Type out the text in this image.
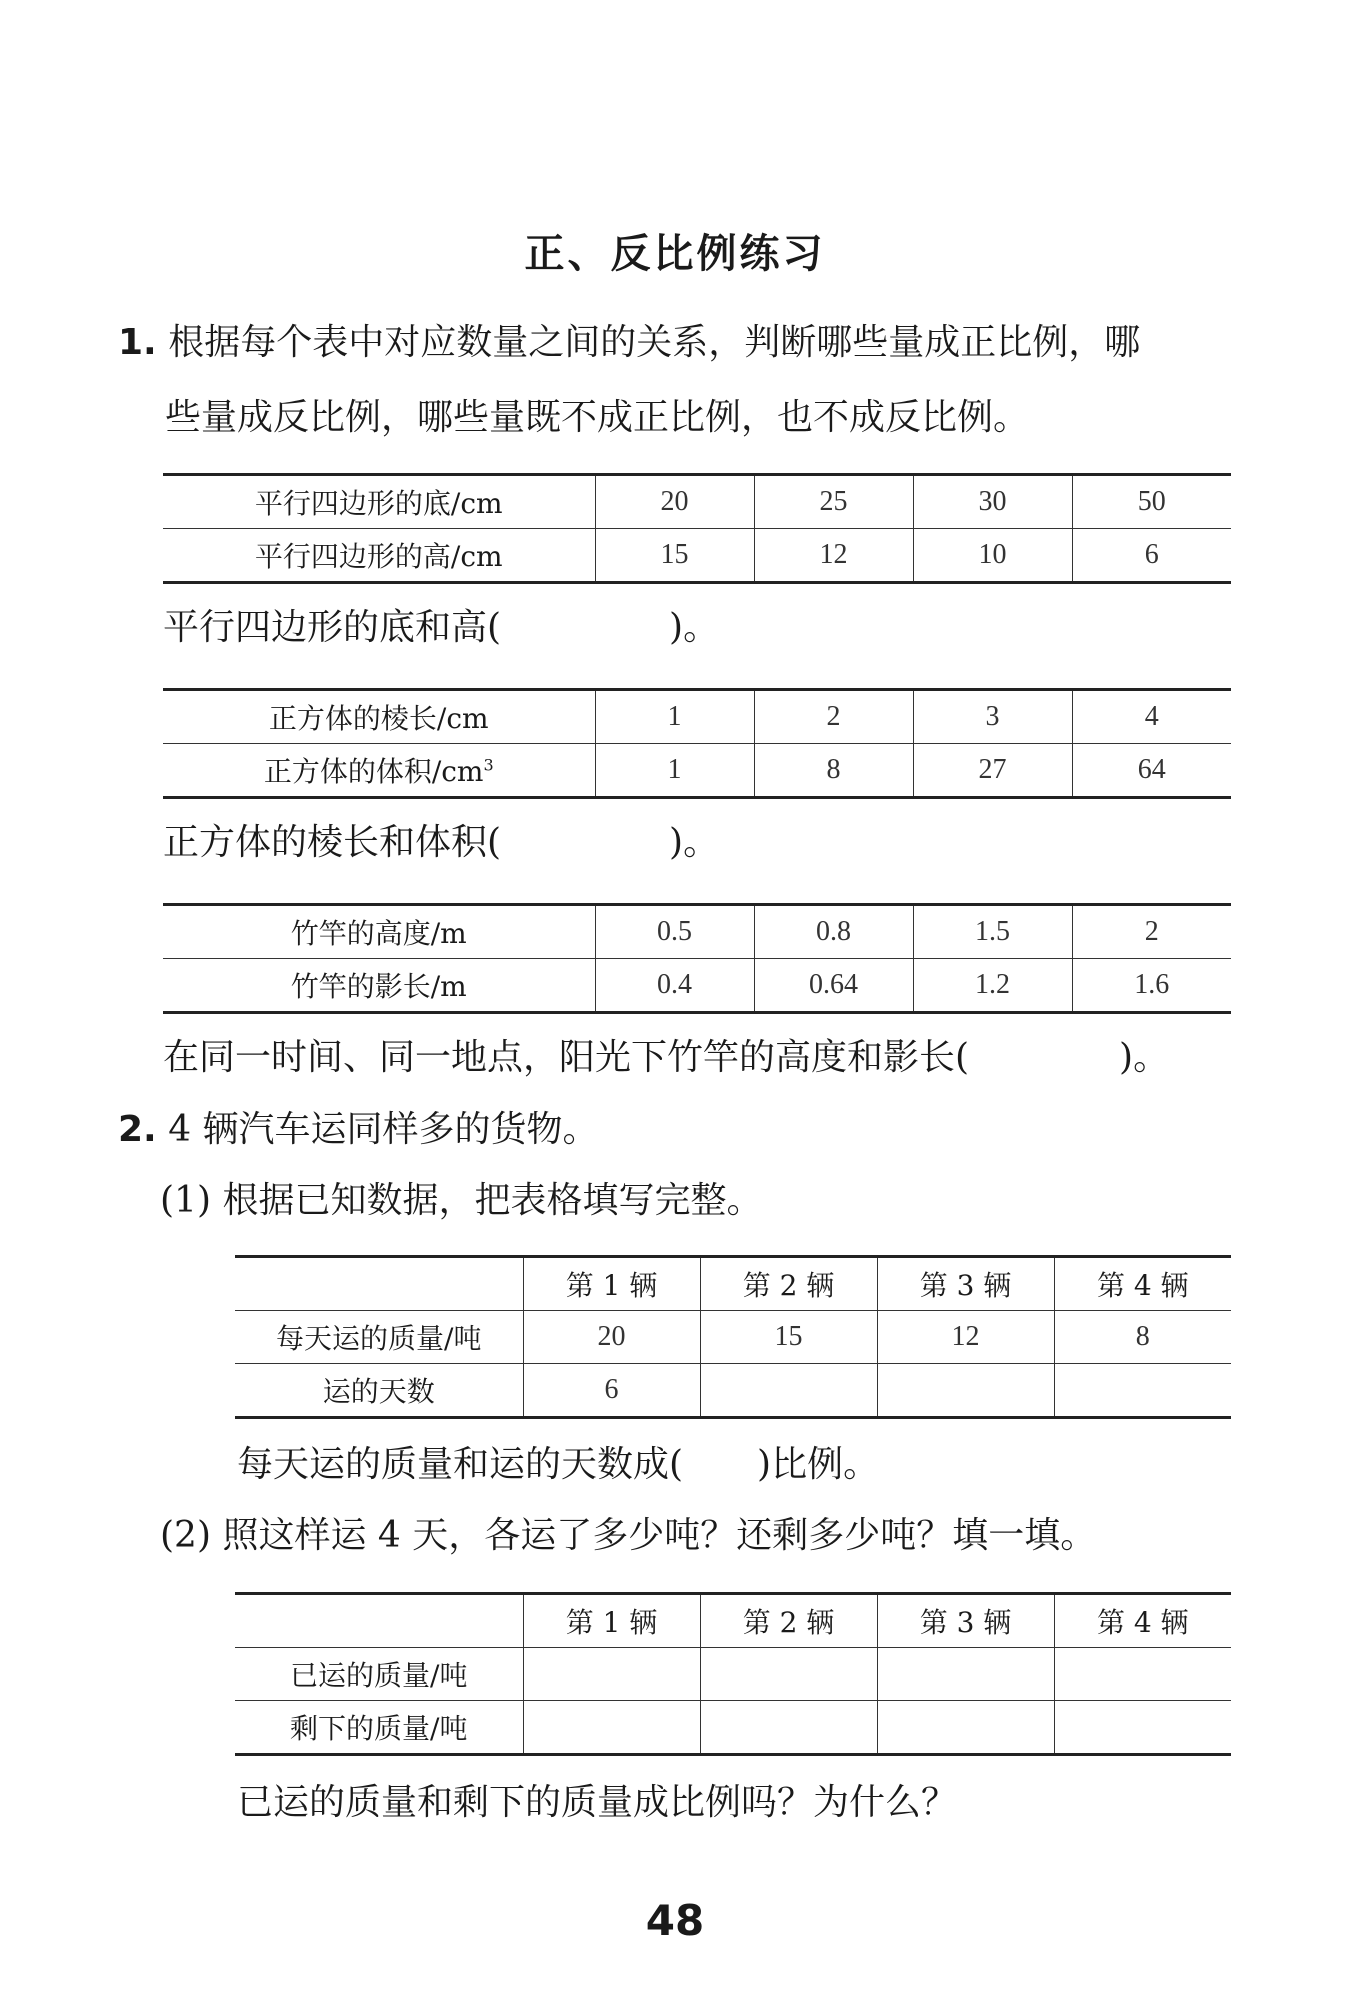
正、反比例练习
1. 根据每个表中对应数量之间的关系，判断哪些量成正比例，哪
些量成反比例，哪些量既不成正比例，也不成反比例。
平行四边形的底/cm	20	25	30	50
平行四边形的高/cm	15	12	10	6
平行四边形的底和高(	)。
正方体的棱长/cm	1	2	3	4
正方体的体积$/cm^3$	1	8	27	64
正方体的棱长和体积(	)。
竹竿的高度/m	0.5	0.8	1.5	2
竹竿的影长/m	0.4	0.64	1.2	1.6
在同一时间、同一地点，阳光下竹竿的高度和影长(	)。
2. 4 辆汽车运同样多的货物。
(1) 根据已知数据，把表格填写完整。
	第 1 辆	第 2 辆	第 3 辆	第 4 辆
每天运的质量/吨	20	15	12	8
运的天数	6			
每天运的质量和运的天数成( )比例。
(2) 照这样运 4 天，各运了多少吨？还剩多少吨？填一填。
	第 1 辆	第 2 辆	第 3 辆	第 4 辆
已运的质量/吨				
剩下的质量/吨				
已运的质量和剩下的质量成比例吗？为什么？
48
